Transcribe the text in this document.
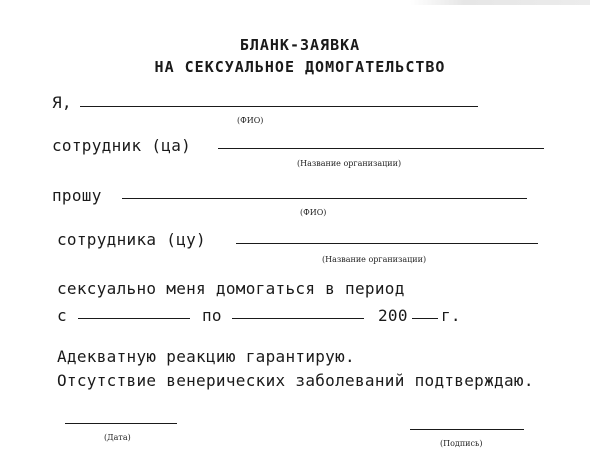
БЛАНК-ЗАЯВКА
НА СЕКСУАЛЬНОЕ ДОМОГАТЕЛЬСТВО
Я,
(ФИО)
сотрудник (ца)
(Название организации)
прошу
(ФИО)
сотрудника (цу)
(Название организации)
сексуально меня домогаться в период
с	по	200 г.
Адекватную реакцию гарантирую.
Отсутствие венерических заболеваний подтверждаю.
(Дата)
(Подпись)
